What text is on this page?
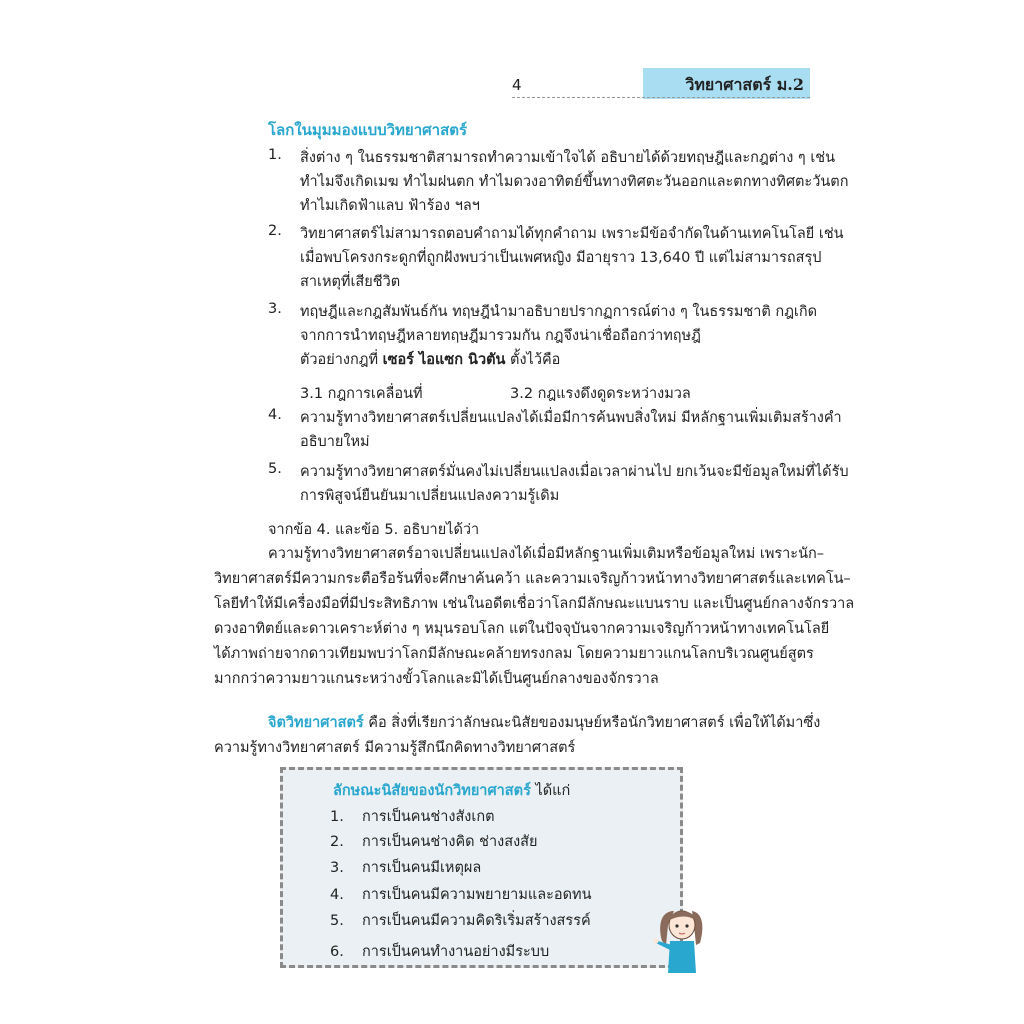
4	วิทยาศาสตร์ ม.2
โลกในมุมมองแบบวิทยาศาสตร์
1.	สิ่งต่าง ๆ ในธรรมชาติสามารถทำความเข้าใจได้ อธิบายได้ด้วยทฤษฎีและกฎต่าง ๆ เช่น
ทำไมจึงเกิดเมฆ ทำไมฝนตก ทำไมดวงอาทิตย์ขึ้นทางทิศตะวันออกและตกทางทิศตะวันตก
ทำไมเกิดฟ้าแลบ ฟ้าร้อง ฯลฯ
2.	วิทยาศาสตร์ไม่สามารถตอบคำถามได้ทุกคำถาม เพราะมีข้อจำกัดในด้านเทคโนโลยี เช่น
เมื่อพบโครงกระดูกที่ถูกฝังพบว่าเป็นเพศหญิง มีอายุราว 13,640 ปี แต่ไม่สามารถสรุป
สาเหตุที่เสียชีวิต
3.	ทฤษฎีและกฎสัมพันธ์กัน ทฤษฎีนำมาอธิบายปรากฏการณ์ต่าง ๆ ในธรรมชาติ กฎเกิด
จากการนำทฤษฎีหลายทฤษฎีมารวมกัน กฎจึงน่าเชื่อถือกว่าทฤษฎี
ตัวอย่างกฎที่ เซอร์ ไอแซก นิวตัน ตั้งไว้คือ
3.1 กฎการเคลื่อนที่	3.2 กฎแรงดึงดูดระหว่างมวล
4.	ความรู้ทางวิทยาศาสตร์เปลี่ยนแปลงได้เมื่อมีการค้นพบสิ่งใหม่ มีหลักฐานเพิ่มเติมสร้างคำ
อธิบายใหม่
5.	ความรู้ทางวิทยาศาสตร์มั่นคงไม่เปลี่ยนแปลงเมื่อเวลาผ่านไป ยกเว้นจะมีข้อมูลใหม่ที่ได้รับ
การพิสูจน์ยืนยันมาเปลี่ยนแปลงความรู้เดิม
จากข้อ 4. และข้อ 5. อธิบายได้ว่า
ความรู้ทางวิทยาศาสตร์อาจเปลี่ยนแปลงได้เมื่อมีหลักฐานเพิ่มเติมหรือข้อมูลใหม่ เพราะนัก–
วิทยาศาสตร์มีความกระตือรือร้นที่จะศึกษาค้นคว้า และความเจริญก้าวหน้าทางวิทยาศาสตร์และเทคโน–
โลยีทำให้มีเครื่องมือที่มีประสิทธิภาพ เช่นในอดีตเชื่อว่าโลกมีลักษณะแบนราบ และเป็นศูนย์กลางจักรวาล
ดวงอาทิตย์และดาวเคราะห์ต่าง ๆ หมุนรอบโลก แต่ในปัจจุบันจากความเจริญก้าวหน้าทางเทคโนโลยี
ได้ภาพถ่ายจากดาวเทียมพบว่าโลกมีลักษณะคล้ายทรงกลม โดยความยาวแกนโลกบริเวณศูนย์สูตร
มากกว่าความยาวแกนระหว่างขั้วโลกและมิได้เป็นศูนย์กลางของจักรวาล
จิตวิทยาศาสตร์ คือ สิ่งที่เรียกว่าลักษณะนิสัยของมนุษย์หรือนักวิทยาศาสตร์ เพื่อให้ได้มาซึ่ง
ความรู้ทางวิทยาศาสตร์ มีความรู้สึกนึกคิดทางวิทยาศาสตร์
ลักษณะนิสัยของนักวิทยาศาสตร์ ได้แก่
1. การเป็นคนช่างสังเกต
2. การเป็นคนช่างคิด ช่างสงสัย
3. การเป็นคนมีเหตุผล
4. การเป็นคนมีความพยายามและอดทน
5. การเป็นคนมีความคิดริเริ่มสร้างสรรค์
6. การเป็นคนทำงานอย่างมีระบบ
